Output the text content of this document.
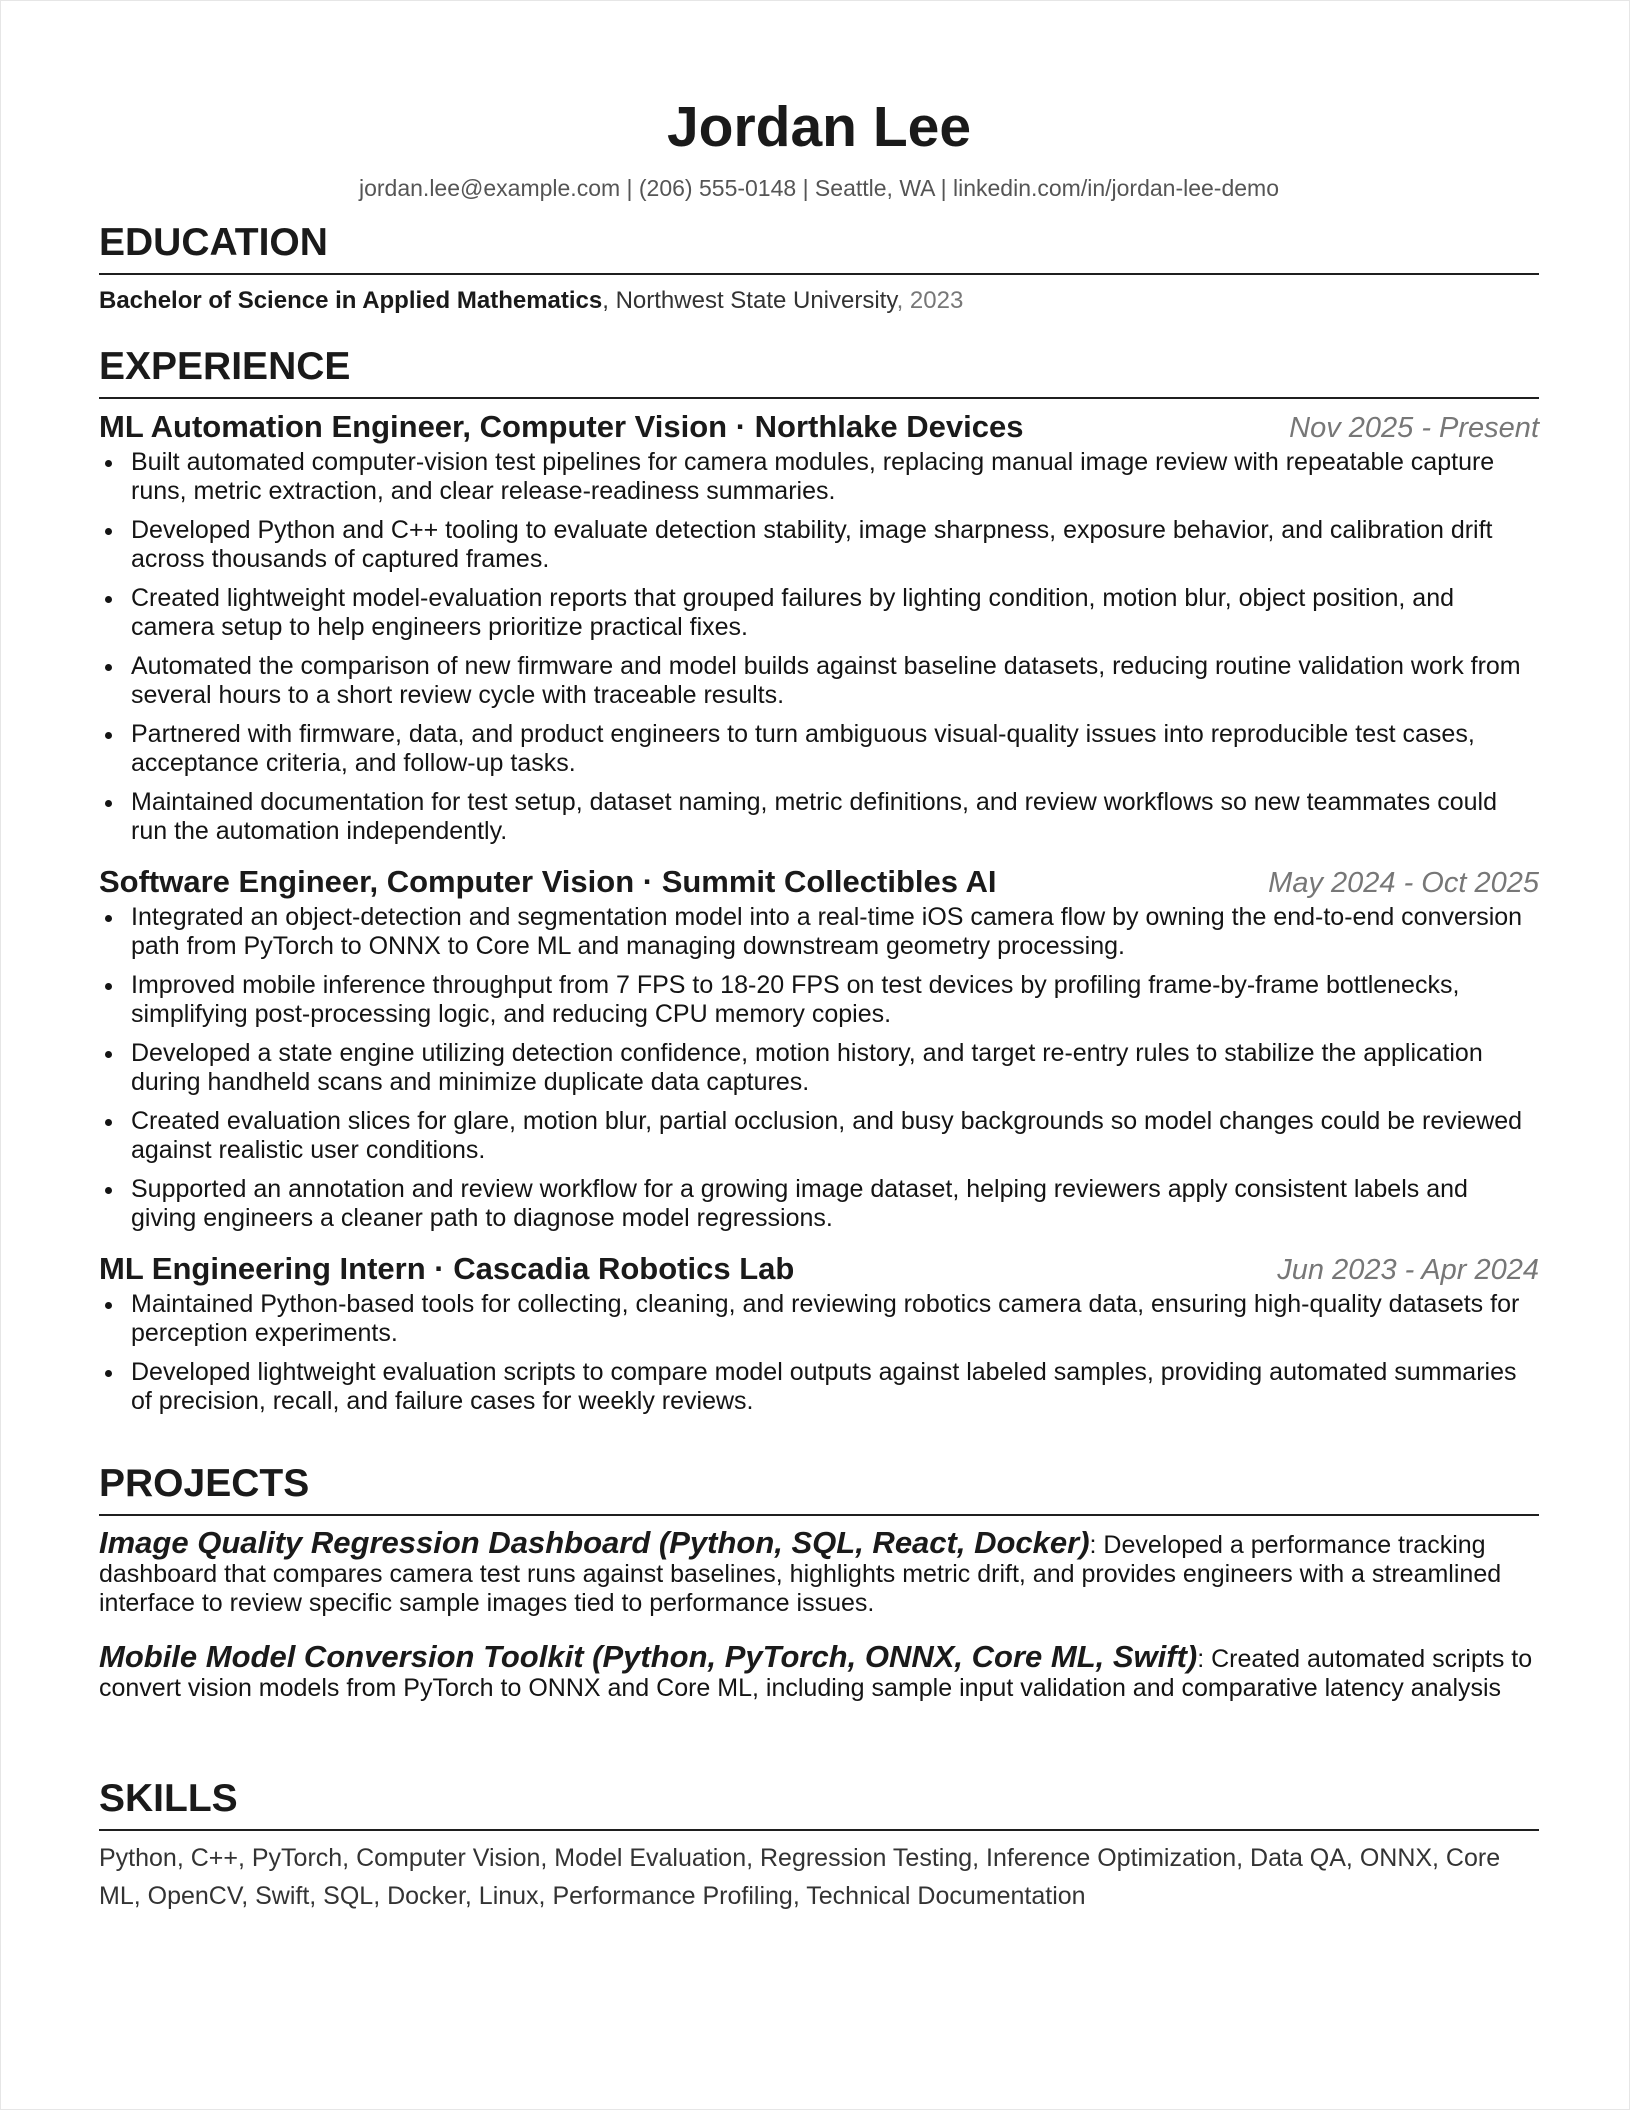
Jordan Lee
jordan.lee@example.com | (206) 555-0148 | Seattle, WA | linkedin.com/in/jordan-lee-demo
EDUCATION
Bachelor of Science in Applied Mathematics, Northwest State University, 2023
EXPERIENCE
ML Automation Engineer, Computer Vision · Northlake Devices	Nov 2025 - Present
Built automated computer-vision test pipelines for camera modules, replacing manual image review with repeatable capture runs, metric extraction, and clear release-readiness summaries.
Developed Python and C++ tooling to evaluate detection stability, image sharpness, exposure behavior, and calibration drift across thousands of captured frames.
Created lightweight model-evaluation reports that grouped failures by lighting condition, motion blur, object position, and camera setup to help engineers prioritize practical fixes.
Automated the comparison of new firmware and model builds against baseline datasets, reducing routine validation work from several hours to a short review cycle with traceable results.
Partnered with firmware, data, and product engineers to turn ambiguous visual-quality issues into reproducible test cases, acceptance criteria, and follow-up tasks.
Maintained documentation for test setup, dataset naming, metric definitions, and review workflows so new teammates could run the automation independently.
Software Engineer, Computer Vision · Summit Collectibles AI	May 2024 - Oct 2025
Integrated an object-detection and segmentation model into a real-time iOS camera flow by owning the end-to-end conversion path from PyTorch to ONNX to Core ML and managing downstream geometry processing.
Improved mobile inference throughput from 7 FPS to 18-20 FPS on test devices by profiling frame-by-frame bottlenecks, simplifying post-processing logic, and reducing CPU memory copies.
Developed a state engine utilizing detection confidence, motion history, and target re-entry rules to stabilize the application during handheld scans and minimize duplicate data captures.
Created evaluation slices for glare, motion blur, partial occlusion, and busy backgrounds so model changes could be reviewed against realistic user conditions.
Supported an annotation and review workflow for a growing image dataset, helping reviewers apply consistent labels and giving engineers a cleaner path to diagnose model regressions.
ML Engineering Intern · Cascadia Robotics Lab	Jun 2023 - Apr 2024
Maintained Python-based tools for collecting, cleaning, and reviewing robotics camera data, ensuring high-quality datasets for perception experiments.
Developed lightweight evaluation scripts to compare model outputs against labeled samples, providing automated summaries of precision, recall, and failure cases for weekly reviews.
PROJECTS
Image Quality Regression Dashboard (Python, SQL, React, Docker): Developed a performance tracking dashboard that compares camera test runs against baselines, highlights metric drift, and provides engineers with a streamlined interface to review specific sample images tied to performance issues.
Mobile Model Conversion Toolkit (Python, PyTorch, ONNX, Core ML, Swift): Created automated scripts to convert vision models from PyTorch to ONNX and Core ML, including sample input validation and comparative latency analysis
SKILLS
Python, C++, PyTorch, Computer Vision, Model Evaluation, Regression Testing, Inference Optimization, Data QA, ONNX, Core ML, OpenCV, Swift, SQL, Docker, Linux, Performance Profiling, Technical Documentation
